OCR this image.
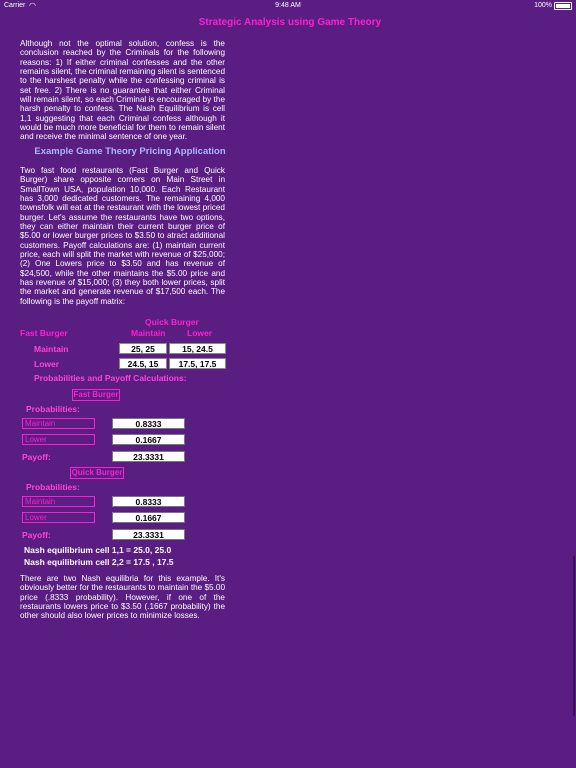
Carrier ◠	9:48 AM	100%
Strategic Analysis using Game Theory
Although not the optimal solution, confess is the conclusion reached by the Criminals for the following reasons: 1) If either criminal confesses and the other remains silent, the criminal remaining silent is sentenced to the harshest penalty while the confessing criminal is set free. 2) There is no guarantee that either Criminal will remain silent, so each Criminal is encouraged by the harsh penalty to confess. The Nash Equilibrium is cell 1,1 suggesting that each Criminal confess although it would be much more beneficial for them to remain silent and receive the minimal sentence of one year.
Example Game Theory Pricing Application
Two fast food restaurants (Fast Burger and Quick Burger) share opposite corners on Main Street in SmallTown USA, population 10,000. Each Restaurant has 3,000 dedicated customers. The remaining 4,000 townsfolk will eat at the restaurant with the lowest priced burger. Let's assume the restaurants have two options, they can either maintain their current burger price of $5.00 or lower burger prices to $3.50 to atract additional customers. Payoff calculations are: (1) maintain current price, each will split the market with revenue of $25,000; (2) One Lowers price to $3.50 and has revenue of $24,500, while the other maintains the $5.00 price and has revenue of $15,000; (3) they both lower prices, split the market and generate revenue of $17,500 each. The following is the payoff matrix:
Quick Burger
Fast Burger	Maintain	Lower
Maintain	25, 25	15, 24.5
Lower	24.5, 15	17.5, 17.5
Probabilities and Payoff Calculations:
Fast Burger
Probabilities:
Maintain	0.8333
Lower	0.1667
Payoff:	23.3331
Quick Burger
Probabilities:
Maintain	0.8333
Lower	0.1667
Payoff:	23.3331
Nash equilibrium cell 1,1 = 25.0, 25.0
Nash equilibrium cell 2,2 = 17.5 , 17.5
There are two Nash equilibria for this example. It's obviously better for the restaurants to maintain the $5.00 price (.8333 probability). However, if one of the restaurants lowers price to $3.50 (.1667 probability) the other should also lower prices to minimize losses.
